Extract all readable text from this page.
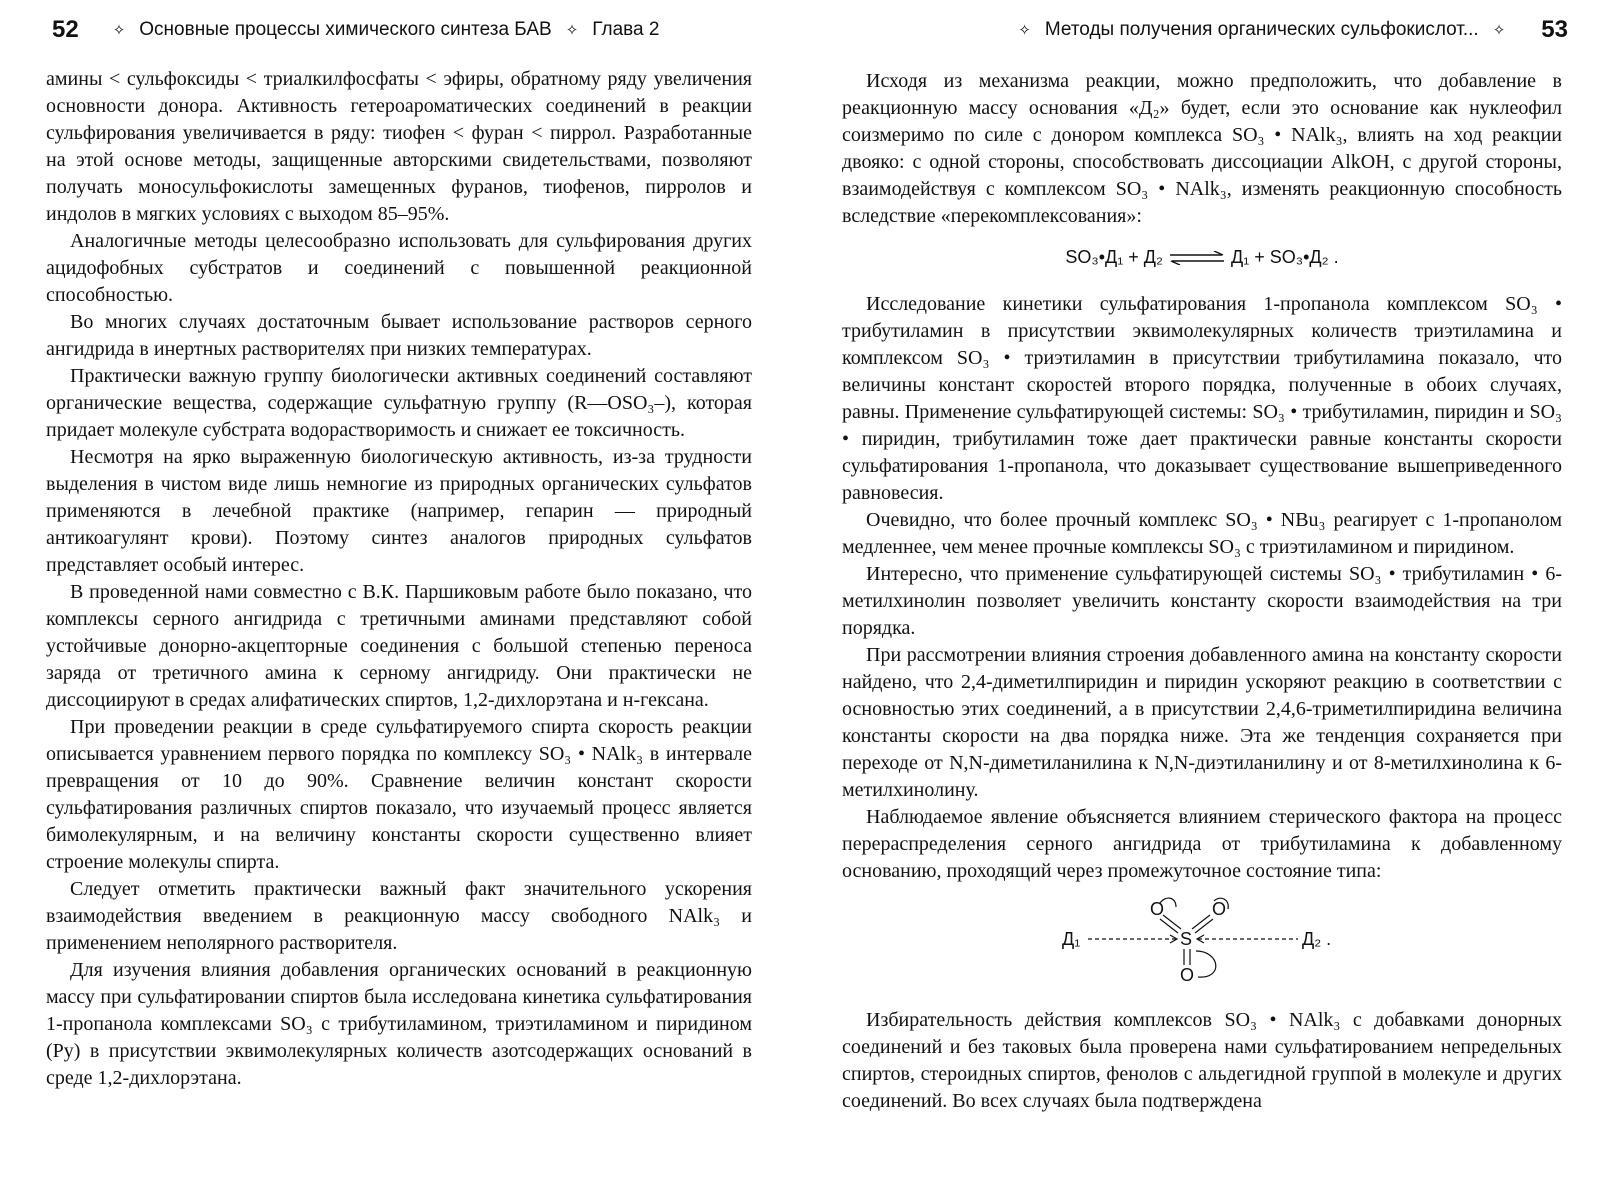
52 ✧ Основные процессы химического синтеза БАВ ✧ Глава 2

амины < сульфоксиды < триалкилфосфаты < эфиры, обратному ряду увеличения основности донора. Активность гетероароматических соединений в реакции сульфирования увеличивается в ряду: тиофен < фуран < пиррол. Разработанные на этой основе методы, защищенные авторскими свидетельствами, позволяют получать моносульфокислоты замещенных фуранов, тиофенов, пирролов и индолов в мягких условиях с выходом 85–95%.

Аналогичные методы целесообразно использовать для сульфирования других ацидофобных субстратов и соединений с повышенной реакционной способностью.

Во многих случаях достаточным бывает использование растворов серного ангидрида в инертных растворителях при низких температурах.

Практически важную группу биологически активных соединений составляют органические вещества, содержащие сульфатную группу (R—OSO₃–), которая придает молекуле субстрата водорастворимость и снижает ее токсичность.

Несмотря на ярко выраженную биологическую активность, из-за трудности выделения в чистом виде лишь немногие из природных органических сульфатов применяются в лечебной практике (например, гепарин — природный антикоагулянт крови). Поэтому синтез аналогов природных сульфатов представляет особый интерес.

В проведенной нами совместно с В.К. Паршиковым работе было показано, что комплексы серного ангидрида с третичными аминами представляют собой устойчивые донорно-акцепторные соединения с большой степенью переноса заряда от третичного амина к серному ангидриду. Они практически не диссоциируют в средах алифатических спиртов, 1,2-дихлорэтана и н-гексана.

При проведении реакции в среде сульфатируемого спирта скорость реакции описывается уравнением первого порядка по комплексу SO₃ • NAlk₃ в интервале превращения от 10 до 90%. Сравнение величин констант скорости сульфатирования различных спиртов показало, что изучаемый процесс является бимолекулярным, и на величину константы скорости существенно влияет строение молекулы спирта.

Следует отметить практически важный факт значительного ускорения взаимодействия введением в реакционную массу свободного NAlk₃ и применением неполярного растворителя.

Для изучения влияния добавления органических оснований в реакционную массу при сульфатировании спиртов была исследована кинетика сульфатирования 1-пропанола комплексами SO₃ с трибутиламином, триэтиламином и пиридином (Py) в присутствии эквимолекулярных количеств азотсодержащих оснований в среде 1,2-дихлорэтана.

✧ Методы получения органических сульфокислот... ✧ 53

Исходя из механизма реакции, можно предположить, что добавление в реакционную массу основания «Д₂» будет, если это основание как нуклеофил соизмеримо по силе с донором комплекса SO₃ • NAlk₃, влиять на ход реакции двояко: с одной стороны, способствовать диссоциации AlkOH, с другой стороны, взаимодействуя с комплексом SO₃ • NAlk₃, изменять реакционную способность вследствие «перекомплексования»:

SO₃•Д₁ + Д₂ ⇌ Д₁ + SO₃•Д₂ .

Исследование кинетики сульфатирования 1-пропанола комплексом SO₃ • трибутиламин в присутствии эквимолекулярных количеств триэтиламина и комплексом SO₃ • триэтиламин в присутствии трибутиламина показало, что величины констант скоростей второго порядка, полученные в обоих случаях, равны. Применение сульфатирующей системы: SO₃ • трибутиламин, пиридин и SO₃ • пиридин, трибутиламин тоже дает практически равные константы скорости сульфатирования 1-пропанола, что доказывает существование вышеприведенного равновесия.

Очевидно, что более прочный комплекс SO₃ • NBu₃ реагирует с 1-пропанолом медленнее, чем менее прочные комплексы SO₃ с триэтиламином и пиридином.

Интересно, что применение сульфатирующей системы SO₃ • трибутиламин • 6-метилхинолин позволяет увеличить константу скорости взаимодействия на три порядка.

При рассмотрении влияния строения добавленного амина на константу скорости найдено, что 2,4-диметилпиридин и пиридин ускоряют реакцию в соответствии с основностью этих соединений, а в присутствии 2,4,6-триметилпиридина величина константы скорости на два порядка ниже. Эта же тенденция сохраняется при переходе от N,N-диметиланилина к N,N-диэтиланилину и от 8-метилхинолина к 6-метилхинолину.

Наблюдаемое явление объясняется влиянием стерического фактора на процесс перераспределения серного ангидрида от трибутиламина к добавленному основанию, проходящий через промежуточное состояние типа:

Д₁	S	Д₂ .
O	O
O

Избирательность действия комплексов SO₃ • NAlk₃ с добавками донорных соединений и без таковых была проверена нами сульфатированием непредельных спиртов, стероидных спиртов, фенолов с альдегидной группой в молекуле и других соединений. Во всех случаях была подтверждена
